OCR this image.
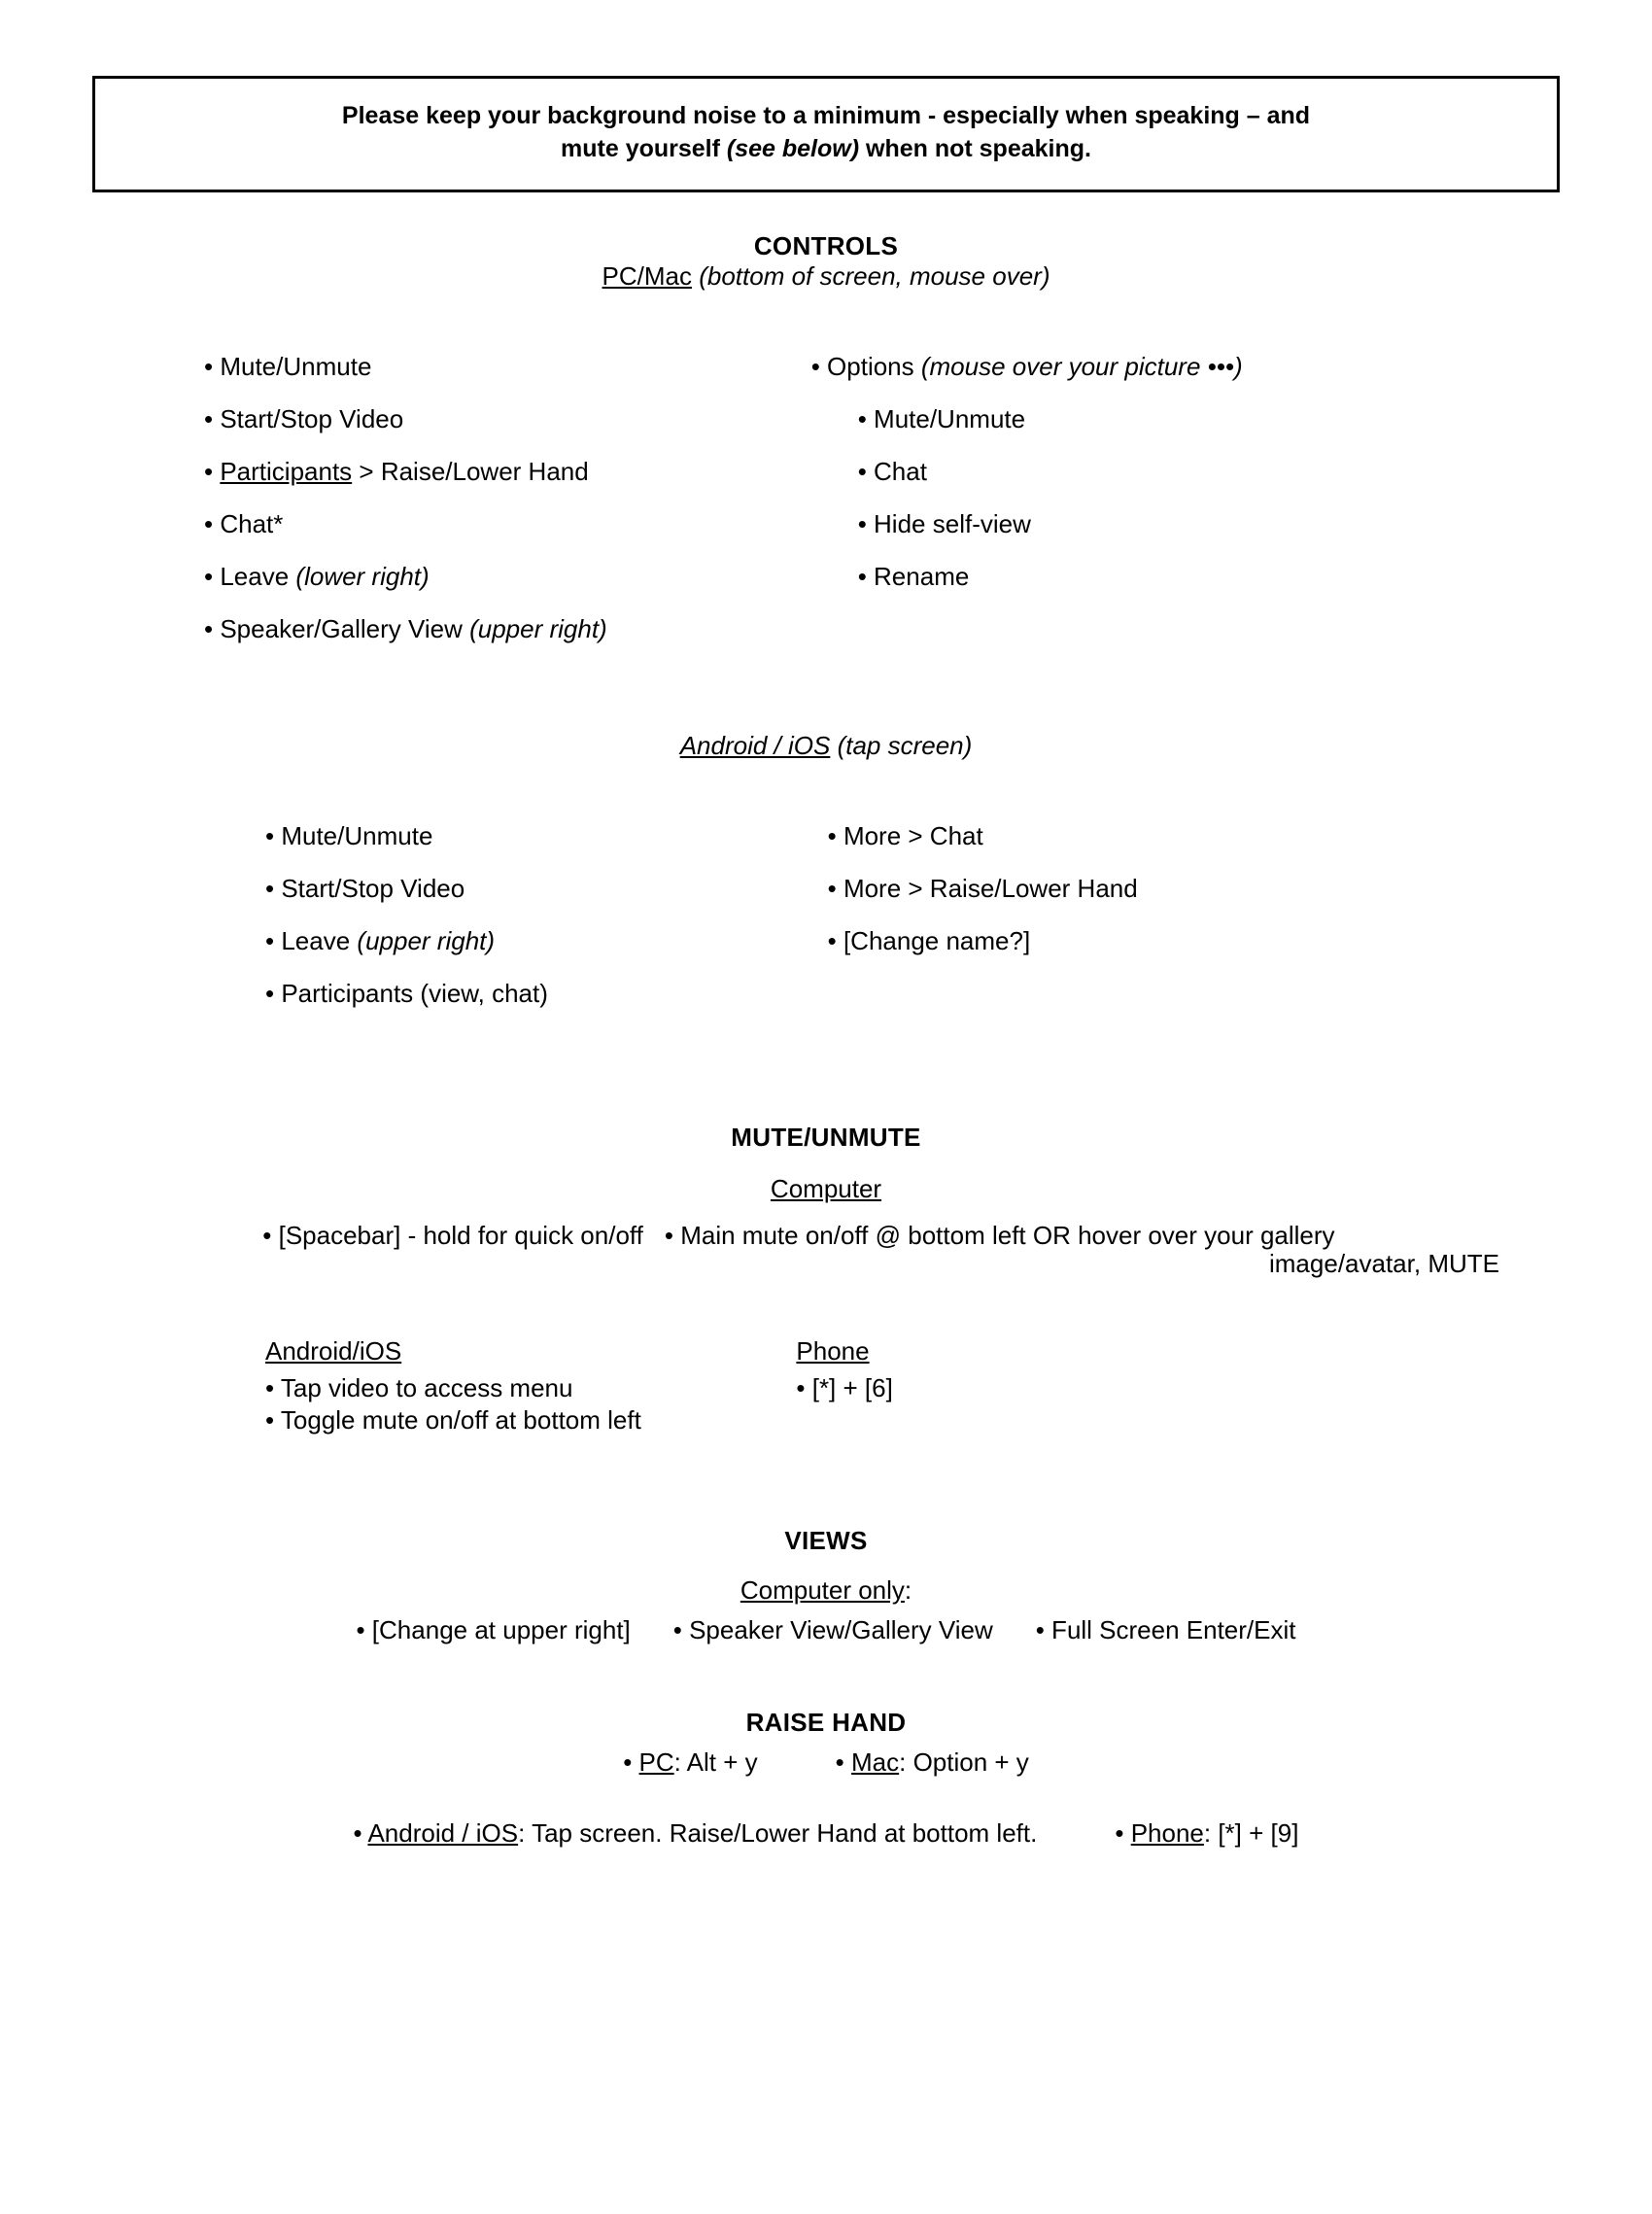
Please keep your background noise to a minimum - especially when speaking – and
mute yourself (see below) when not speaking.
CONTROLS
PC/Mac (bottom of screen, mouse over)
• Mute/Unmute
• Start/Stop Video
• Participants > Raise/Lower Hand
• Chat*
• Leave (lower right)
• Speaker/Gallery View (upper right)
• Options (mouse over your picture •••)
• Mute/Unmute
• Chat
• Hide self-view
• Rename
Android / iOS (tap screen)
• Mute/Unmute
• Start/Stop Video
• Leave (upper right)
• Participants (view, chat)
• More > Chat
• More > Raise/Lower Hand
• [Change name?]
MUTE/UNMUTE
Computer
• [Spacebar] - hold for quick on/off • Main mute on/off @ bottom left OR hover over your gallery
image/avatar, MUTE
Android/iOS
• Tap video to access menu
• Toggle mute on/off at bottom left
Phone
• [*] + [6]
VIEWS
Computer only:
• [Change at upper right] • Speaker View/Gallery View • Full Screen Enter/Exit
RAISE HAND
• PC: Alt + y	• Mac: Option + y
• Android / iOS: Tap screen. Raise/Lower Hand at bottom left.	• Phone: [*] + [9]
